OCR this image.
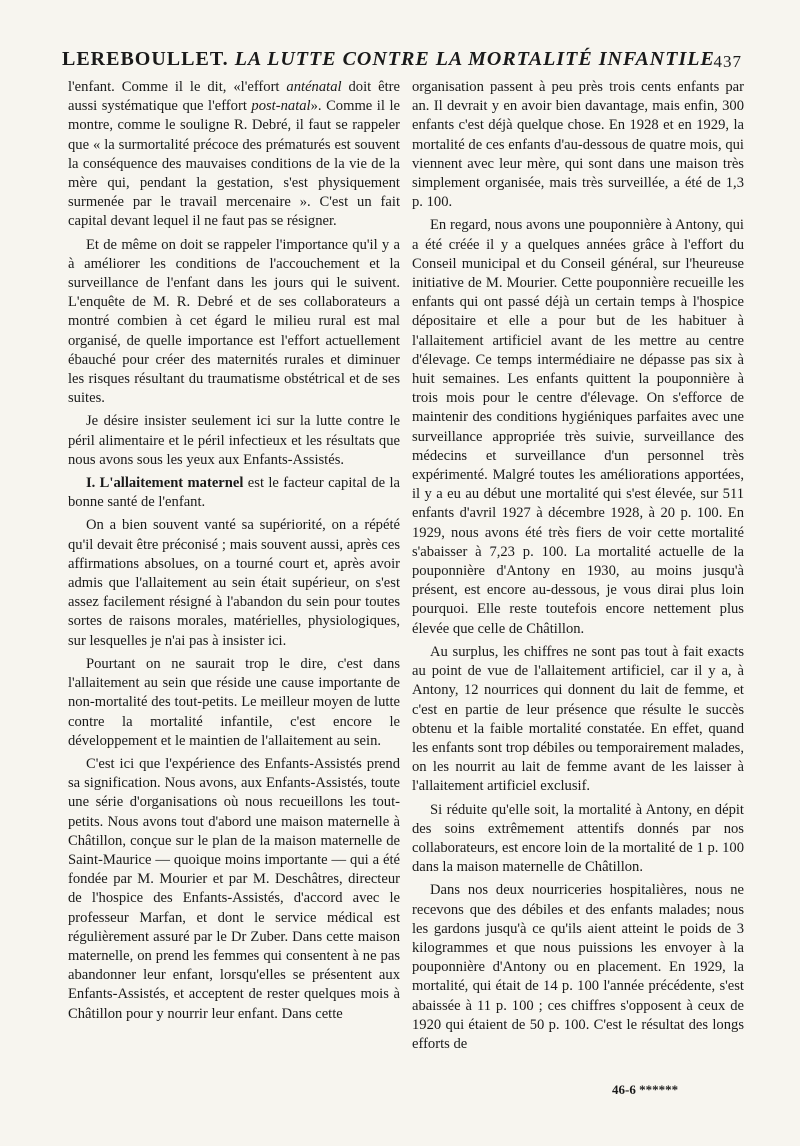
LEREBOULLET. LA LUTTE CONTRE LA MORTALITÉ INFANTILE
437

l'enfant. Comme il le dit, «l'effort anténatal doit être aussi systématique que l'effort post-natal». Comme il le montre, comme le souligne R. Debré, il faut se rappeler que « la surmortalité précoce des prématurés est souvent la conséquence des mauvaises conditions de la vie de la mère qui, pendant la gestation, s'est physiquement surmenée par le travail mercenaire ». C'est un fait capital devant lequel il ne faut pas se résigner.

Et de même on doit se rappeler l'importance qu'il y a à améliorer les conditions de l'accouchement et la surveillance de l'enfant dans les jours qui le suivent. L'enquête de M. R. Debré et de ses collaborateurs a montré combien à cet égard le milieu rural est mal organisé, de quelle importance est l'effort actuellement ébauché pour créer des maternités rurales et diminuer les risques résultant du traumatisme obstétrical et de ses suites.

Je désire insister seulement ici sur la lutte contre le péril alimentaire et le péril infectieux et les résultats que nous avons sous les yeux aux Enfants-Assistés.

I. L'allaitement maternel est le facteur capital de la bonne santé de l'enfant.

On a bien souvent vanté sa supériorité, on a répété qu'il devait être préconisé ; mais souvent aussi, après ces affirmations absolues, on a tourné court et, après avoir admis que l'allaitement au sein était supérieur, on s'est assez facilement résigné à l'abandon du sein pour toutes sortes de raisons morales, matérielles, physiologiques, sur lesquelles je n'ai pas à insister ici.

Pourtant on ne saurait trop le dire, c'est dans l'allaitement au sein que réside une cause importante de non-mortalité des tout-petits. Le meilleur moyen de lutte contre la mortalité infantile, c'est encore le développement et le maintien de l'allaitement au sein.

C'est ici que l'expérience des Enfants-Assistés prend sa signification. Nous avons, aux Enfants-Assistés, toute une série d'organisations où nous recueillons les tout-petits. Nous avons tout d'abord une maison maternelle à Châtillon, conçue sur le plan de la maison maternelle de Saint-Maurice — quoique moins importante — qui a été fondée par M. Mourier et par M. Deschâtres, directeur de l'hospice des Enfants-Assistés, d'accord avec le professeur Marfan, et dont le service médical est régulièrement assuré par le Dr Zuber. Dans cette maison maternelle, on prend les femmes qui consentent à ne pas abandonner leur enfant, lorsqu'elles se présentent aux Enfants-Assistés, et acceptent de rester quelques mois à Châtillon pour y nourrir leur enfant. Dans cette

organisation passent à peu près trois cents enfants par an. Il devrait y en avoir bien davantage, mais enfin, 300 enfants c'est déjà quelque chose. En 1928 et en 1929, la mortalité de ces enfants d'au-dessous de quatre mois, qui viennent avec leur mère, qui sont dans une maison très simplement organisée, mais très surveillée, a été de 1,3 p. 100.

En regard, nous avons une pouponnière à Antony, qui a été créée il y a quelques années grâce à l'effort du Conseil municipal et du Conseil général, sur l'heureuse initiative de M. Mourier. Cette pouponnière recueille les enfants qui ont passé déjà un certain temps à l'hospice dépositaire et elle a pour but de les habituer à l'allaitement artificiel avant de les mettre au centre d'élevage. Ce temps intermédiaire ne dépasse pas six à huit semaines. Les enfants quittent la pouponnière à trois mois pour le centre d'élevage. On s'efforce de maintenir des conditions hygiéniques parfaites avec une surveillance appropriée très suivie, surveillance des médecins et surveillance d'un personnel très expérimenté. Malgré toutes les améliorations apportées, il y a eu au début une mortalité qui s'est élevée, sur 511 enfants d'avril 1927 à décembre 1928, à 20 p. 100. En 1929, nous avons été très fiers de voir cette mortalité s'abaisser à 7,23 p. 100. La mortalité actuelle de la pouponnière d'Antony en 1930, au moins jusqu'à présent, est encore au-dessous, je vous dirai plus loin pourquoi. Elle reste toutefois encore nettement plus élevée que celle de Châtillon.

Au surplus, les chiffres ne sont pas tout à fait exacts au point de vue de l'allaitement artificiel, car il y a, à Antony, 12 nourrices qui donnent du lait de femme, et c'est en partie de leur présence que résulte le succès obtenu et la faible mortalité constatée. En effet, quand les enfants sont trop débiles ou temporairement malades, on les nourrit au lait de femme avant de les laisser à l'allaitement artificiel exclusif.

Si réduite qu'elle soit, la mortalité à Antony, en dépit des soins extrêmement attentifs donnés par nos collaborateurs, est encore loin de la mortalité de 1 p. 100 dans la maison maternelle de Châtillon.

Dans nos deux nourriceries hospitalières, nous ne recevons que des débiles et des enfants malades; nous les gardons jusqu'à ce qu'ils aient atteint le poids de 3 kilogrammes et que nous puissions les envoyer à la pouponnière d'Antony ou en placement. En 1929, la mortalité, qui était de 14 p. 100 l'année précédente, s'est abaissée à 11 p. 100 ; ces chiffres s'opposent à ceux de 1920 qui étaient de 50 p. 100. C'est le résultat des longs efforts de

46-6 ******
